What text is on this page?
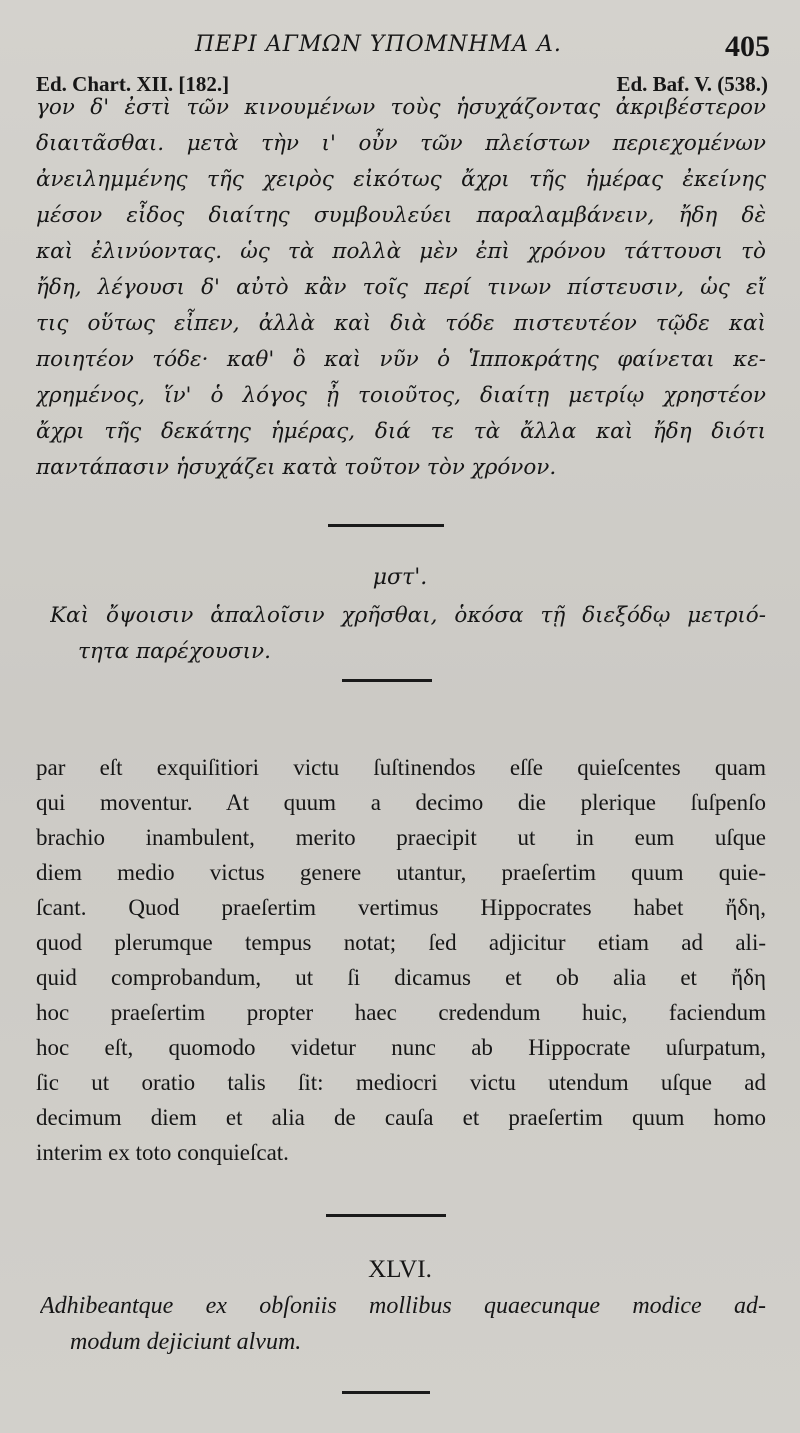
ΠΕΡΙ ΑΓΜΩΝ ΥΠΟΜΝΗΜΑ Α.	405
Ed. Chart. XII. [182.]	Ed. Baf. V. (538.)
γον δ' ἐστὶ τῶν κινουμένων τοὺς ἡσυχάζοντας ἀκριβέστερον
διαιτᾶσθαι. μετὰ τὴν ι' οὖν τῶν πλείστων περιεχομένων
ἀνειλημμένης τῆς χειρὸς εἰκότως ἄχρι τῆς ἡμέρας ἐκείνης
μέσον εἶδος διαίτης συμβουλεύει παραλαμβάνειν, ἤδη δὲ
καὶ ἐλινύοντας. ὡς τὰ πολλὰ μὲν ἐπὶ χρόνου τάττουσι τὸ
ἤδη, λέγουσι δ' αὐτὸ κἂν τοῖς περί τινων πίστευσιν, ὡς εἴ
τις οὕτως εἶπεν, ἀλλὰ καὶ διὰ τόδε πιστευτέον τῷδε καὶ
ποιητέον τόδε· καθ' ὃ καὶ νῦν ὁ Ἱπποκράτης φαίνεται κε-
χρημένος, ἵν' ὁ λόγος ᾖ τοιοῦτος, διαίτῃ μετρίῳ χρηστέον
ἄχρι τῆς δεκάτης ἡμέρας, διά τε τὰ ἄλλα καὶ ἤδη διότι
παντάπασιν ἡσυχάζει κατὰ τοῦτον τὸν χρόνον.
μστ'.
Καὶ ὄψοισιν ἁπαλοῖσιν χρῆσθαι, ὁκόσα τῇ διεξόδῳ μετριό-
τητα παρέχουσιν.
par eſt exquiſitiori victu ſuſtinendos eſſe quieſcentes quam
qui moventur. At quum a decimo die plerique ſuſpenſo
brachio inambulent, merito praecipit ut in eum uſque
diem medio victus genere utantur, praeſertim quum quie-
ſcant. Quod praeſertim vertimus Hippocrates habet ἤδη,
quod plerumque tempus notat; ſed adjicitur etiam ad ali-
quid comprobandum, ut ſi dicamus et ob alia et ἤδη
hoc praeſertim propter haec credendum huic, faciendum
hoc eſt, quomodo videtur nunc ab Hippocrate uſurpatum,
ſic ut oratio talis ſit: mediocri victu utendum uſque ad
decimum diem et alia de cauſa et praeſertim quum homo
interim ex toto conquieſcat.
XLVI.
Adhibeantque ex obſoniis mollibus quaecunque modice ad-
modum dejiciunt alvum.
